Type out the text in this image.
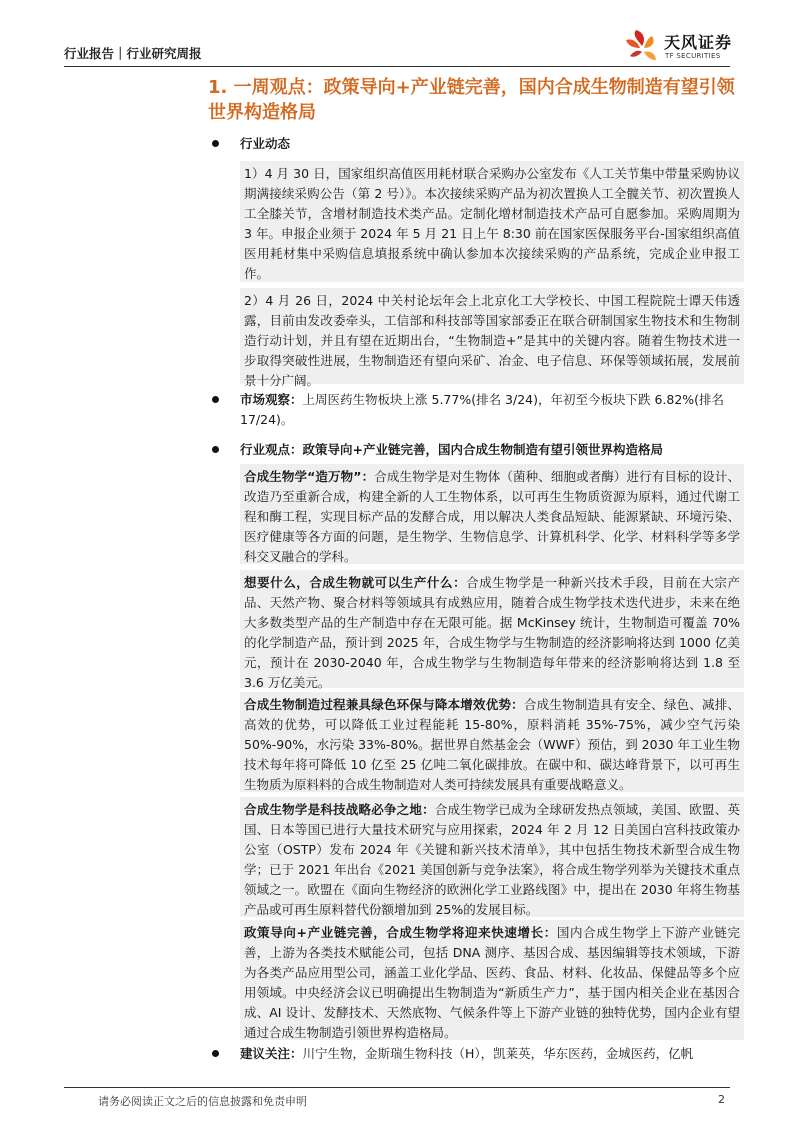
行业报告｜行业研究周报
天风证券
TF SECURITIES
1. 一周观点：政策导向+产业链完善，国内合成生物制造有望引领世界构造格局
行业动态
1）4 月 30 日，国家组织高值医用耗材联合采购办公室发布《人工关节集中带量采购协议期满接续采购公告（第 2 号）》。本次接续采购产品为初次置换人工全髋关节、初次置换人工全膝关节，含增材制造技术类产品。定制化增材制造技术产品可自愿参加。采购周期为 3 年。申报企业须于 2024 年 5 月 21 日上午 8:30 前在国家医保服务平台-国家组织高值医用耗材集中采购信息填报系统中确认参加本次接续采购的产品系统，完成企业申报工作。
2）4 月 26 日，2024 中关村论坛年会上北京化工大学校长、中国工程院院士谭天伟透露，目前由发改委牵头，工信部和科技部等国家部委正在联合研制国家生物技术和生物制造行动计划，并且有望在近期出台，“生物制造+”是其中的关键内容。随着生物技术进一步取得突破性进展，生物制造还有望向采矿、冶金、电子信息、环保等领域拓展，发展前景十分广阔。
市场观察：上周医药生物板块上涨 5.77%(排名 3/24)，年初至今板块下跌 6.82%(排名 17/24)。
行业观点：政策导向+产业链完善，国内合成生物制造有望引领世界构造格局
合成生物学“造万物”：合成生物学是对生物体（菌种、细胞或者酶）进行有目标的设计、改造乃至重新合成，构建全新的人工生物体系，以可再生生物质资源为原料，通过代谢工程和酶工程，实现目标产品的发酵合成，用以解决人类食品短缺、能源紧缺、环境污染、医疗健康等各方面的问题，是生物学、生物信息学、计算机科学、化学、材料科学等多学科交叉融合的学科。
想要什么，合成生物就可以生产什么：合成生物学是一种新兴技术手段，目前在大宗产品、天然产物、聚合材料等领域具有成熟应用，随着合成生物学技术迭代进步，未来在绝大多数类型产品的生产制造中存在无限可能。据 McKinsey 统计，生物制造可覆盖 70%的化学制造产品，预计到 2025 年，合成生物学与生物制造的经济影响将达到 1000 亿美元，预计在 2030-2040 年，合成生物学与生物制造每年带来的经济影响将达到 1.8 至 3.6 万亿美元。
合成生物制造过程兼具绿色环保与降本增效优势：合成生物制造具有安全、绿色、减排、高效的优势，可以降低工业过程能耗 15-80%，原料消耗 35%-75%，减少空气污染 50%-90%，水污染 33%-80%。据世界自然基金会（WWF）预估，到 2030 年工业生物技术每年将可降低 10 亿至 25 亿吨二氧化碳排放。在碳中和、碳达峰背景下，以可再生生物质为原料料的合成生物制造对人类可持续发展具有重要战略意义。
合成生物学是科技战略必争之地：合成生物学已成为全球研发热点领域，美国、欧盟、英国、日本等国已进行大量技术研究与应用探索，2024 年 2 月 12 日美国白宫科技政策办公室（OSTP）发布 2024 年《关键和新兴技术清单》，其中包括生物技术新型合成生物学；已于 2021 年出台《2021 美国创新与竞争法案》，将合成生物学列举为关键技术重点领域之一。欧盟在《面向生物经济的欧洲化学工业路线图》中，提出在 2030 年将生物基产品或可再生原料替代份额增加到 25%的发展目标。
政策导向+产业链完善，合成生物学将迎来快速增长：国内合成生物学上下游产业链完善，上游为各类技术赋能公司，包括 DNA 测序、基因合成、基因编辑等技术领域，下游为各类产品应用型公司，涵盖工业化学品、医药、食品、材料、化妆品、保健品等多个应用领域。中央经济会议已明确提出生物制造为“新质生产力”，基于国内相关企业在基因合成、AI 设计、发酵技术、天然底物、气候条件等上下游产业链的独特优势，国内企业有望通过合成生物制造引领世界构造格局。
建议关注：川宁生物，金斯瑞生物科技（H），凯莱英，华东医药，金城医药，亿帆
请务必阅读正文之后的信息披露和免责申明	2
